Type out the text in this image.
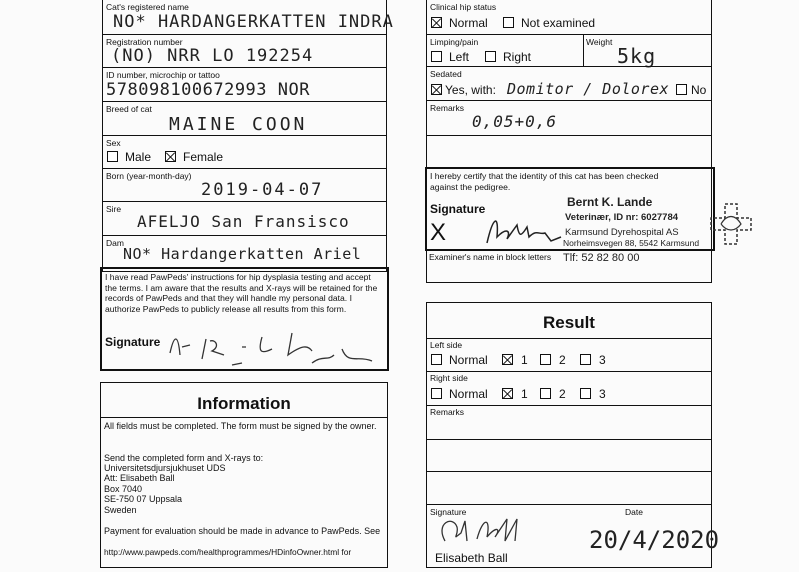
Cat's registered name
NO* HARDANGERKATTEN INDRA
Registration number
(NO) NRR LO 192254
ID number, microchip or tattoo
578098100672993 NOR
Breed of cat
MAINE COON
Sex
Male	Female
Born (year-month-day)
2019-04-07
Sire
AFELJO San Fransisco
Dam
NO* Hardangerkatten Ariel
I have read PawPeds' instructions for hip dysplasia testing and accept the terms. I am aware that the results and X-rays will be retained for the records of PawPeds and that they will handle my personal data. I authorize PawPeds to publicly release all results from this form.
Signature
Information
All fields must be completed. The form must be signed by the owner.
Send the completed form and X-rays to:
Universitetsdjursjukhuset UDS
Att: Elisabeth Ball
Box 7040
SE-750 07 Uppsala
Sweden
Payment for evaluation should be made in advance to PawPeds. See
http://www.pawpeds.com/healthprogrammes/HDinfoOwner.html for
Clinical hip status
Normal	Not examined
Limping/pain
Left	Right
Weight
5kg
Sedated
Yes, with: Domitor / Dolorex No
Remarks
0,05+0,6
I hereby certify that the identity of this cat has been checked against the pedigree.
Signature
X
Bernt K. Lande
Veterinær, ID nr: 6027784
Karmsund Dyrehospital AS
Norheimsvegen 88, 5542 Karmsund
Examiner's name in block letters Tlf: 52 82 80 00
Result
Left side
Normal	1	2	3
Right side
Normal	1	2	3
Remarks
Signature	Date
Elisabeth Ball
20/4/2020
